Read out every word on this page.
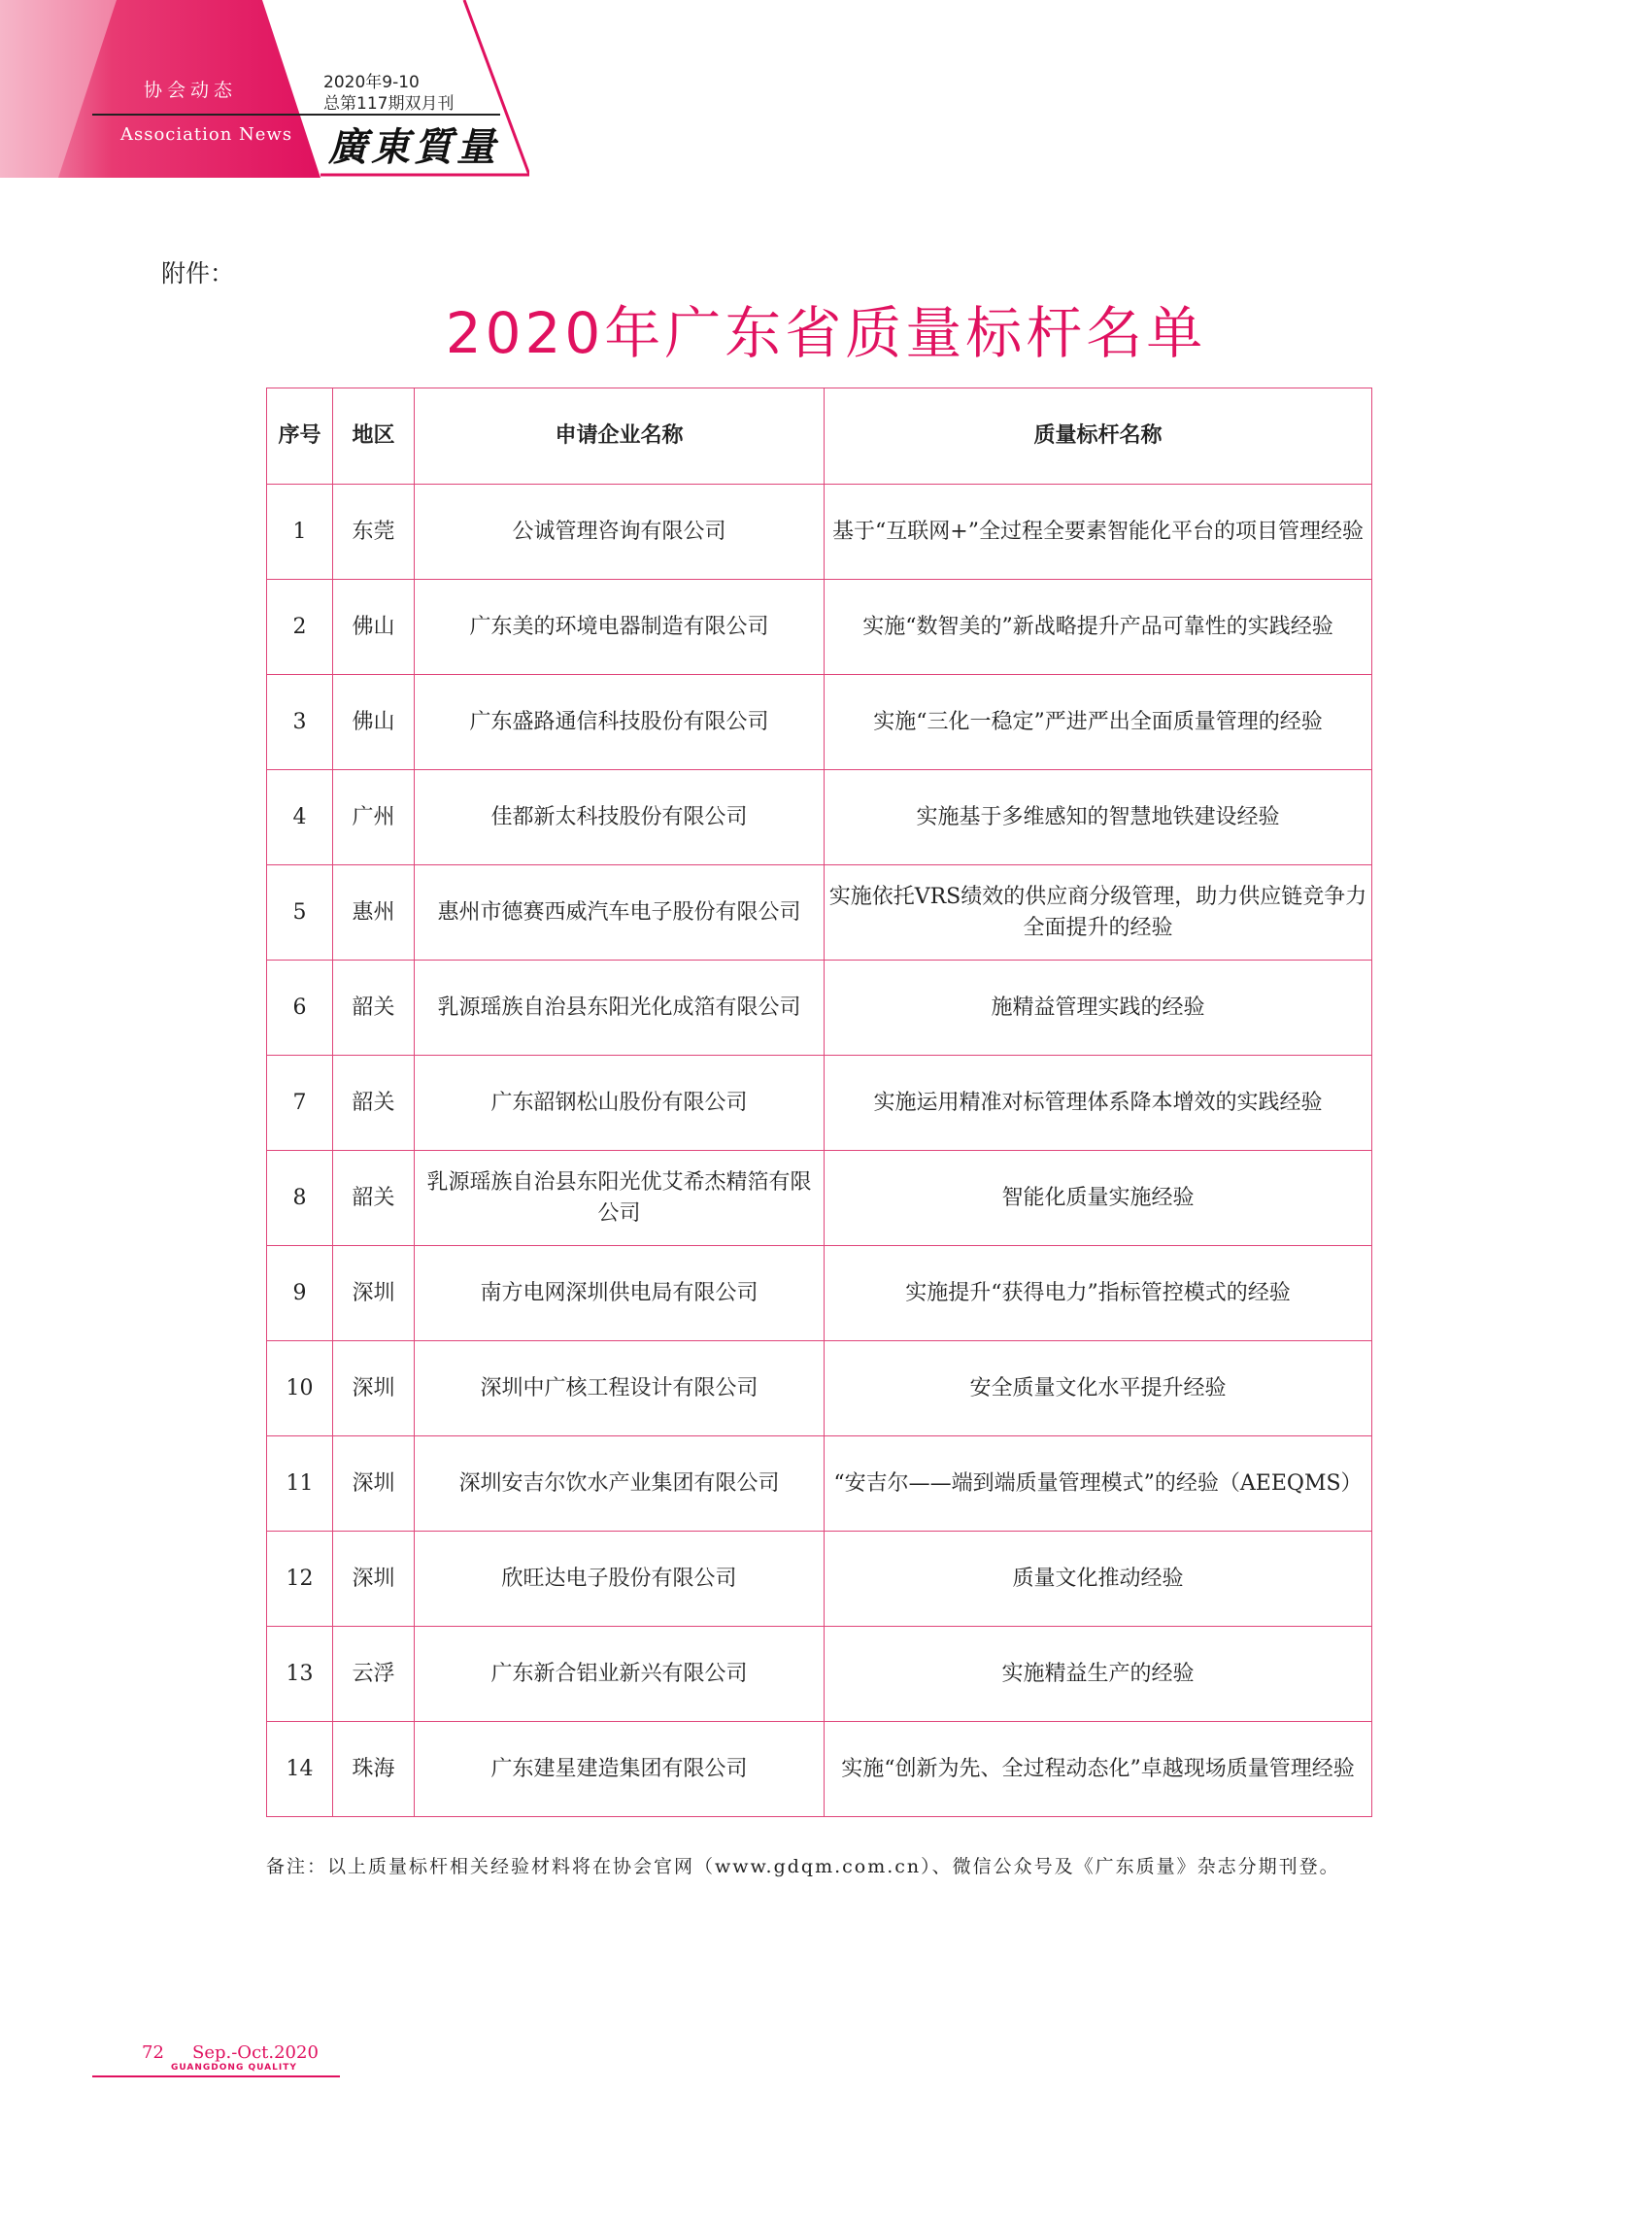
协会动态
Association News
2020年9-10
总第117期双月刊
廣東質量
附件：
2020年广东省质量标杆名单
序号	地区	申请企业名称	质量标杆名称
1	东莞	公诚管理咨询有限公司	基于“互联网+”全过程全要素智能化平台的项目管理经验
2	佛山	广东美的环境电器制造有限公司	实施“数智美的”新战略提升产品可靠性的实践经验
3	佛山	广东盛路通信科技股份有限公司	实施“三化一稳定”严进严出全面质量管理的经验
4	广州	佳都新太科技股份有限公司	实施基于多维感知的智慧地铁建设经验
5	惠州	惠州市德赛西威汽车电子股份有限公司	实施依托VRS绩效的供应商分级管理，助力供应链竞争力全面提升的经验
6	韶关	乳源瑶族自治县东阳光化成箔有限公司	施精益管理实践的经验
7	韶关	广东韶钢松山股份有限公司	实施运用精准对标管理体系降本增效的实践经验
8	韶关	乳源瑶族自治县东阳光优艾希杰精箔有限公司	智能化质量实施经验
9	深圳	南方电网深圳供电局有限公司	实施提升“获得电力”指标管控模式的经验
10	深圳	深圳中广核工程设计有限公司	安全质量文化水平提升经验
11	深圳	深圳安吉尔饮水产业集团有限公司	“安吉尔——端到端质量管理模式”的经验（AEEQMS）
12	深圳	欣旺达电子股份有限公司	质量文化推动经验
13	云浮	广东新合铝业新兴有限公司	实施精益生产的经验
14	珠海	广东建星建造集团有限公司	实施“创新为先、全过程动态化”卓越现场质量管理经验
备注：以上质量标杆相关经验材料将在协会官网（www.gdqm.com.cn）、微信公众号及《广东质量》杂志分期刊登。
72 Sep.-Oct.2020
GUANGDONG QUALITY
